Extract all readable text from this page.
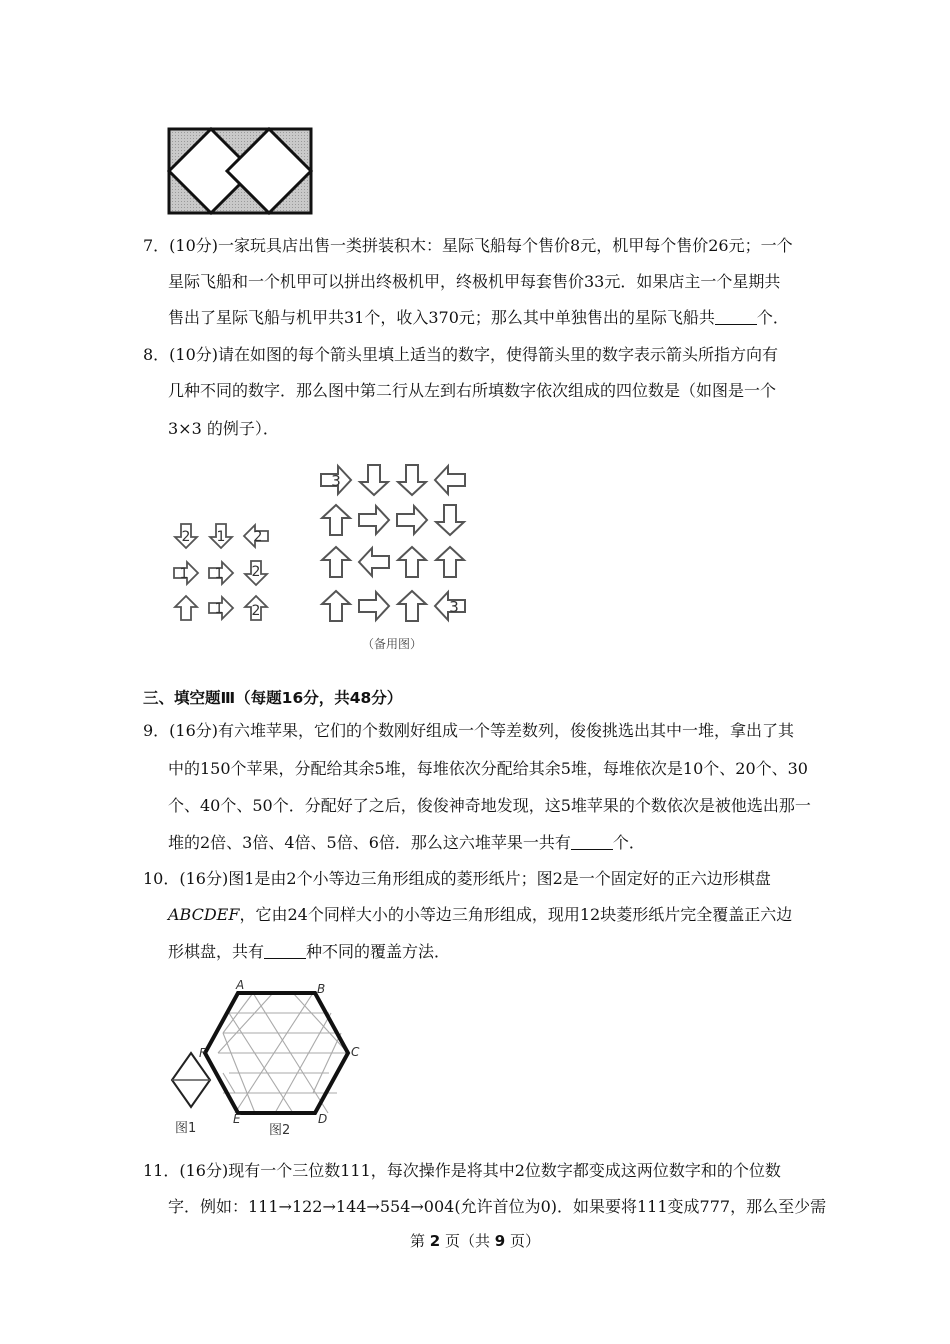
7．(10分)一家玩具店出售一类拼装积木：星际飞船每个售价8元，机甲每个售价26元；一个
星际飞船和一个机甲可以拼出终极机甲，终极机甲每套售价33元．如果店主一个星期共
售出了星际飞船与机甲共31个，收入370元；那么其中单独售出的星际飞船共	个．
8．(10分)请在如图的每个箭头里填上适当的数字，使得箭头里的数字表示箭头所指方向有
几种不同的数字．那么图中第二行从左到右所填数字依次组成的四位数是（如图是一个
3×3 的例子）．
2 1 2
1 1 2
1 2
3
3
（备用图）
三、填空题Ⅲ（每题16分，共48分）
9．(16分)有六堆苹果，它们的个数刚好组成一个等差数列，俊俊挑选出其中一堆，拿出了其
中的150个苹果，分配给其余5堆，每堆依次分配给其余5堆，每堆依次是10个、20个、30
个、40个、50个．分配好了之后，俊俊神奇地发现，这5堆苹果的个数依次是被他选出那一
堆的2倍、3倍、4倍、5倍、6倍．那么这六堆苹果一共有	个．
10．(16分)图1是由2个小等边三角形组成的菱形纸片；图2是一个固定好的正六边形棋盘
ABCDEF，它由24个同样大小的小等边三角形组成，现用12块菱形纸片完全覆盖正六边
形棋盘，共有	种不同的覆盖方法．
A	B
C
D
E
F
图1	图2
11．(16分)现有一个三位数111，每次操作是将其中2位数字都变成这两位数字和的个位数
字．例如：111→122→144→554→004(允许首位为0)．如果要将111变成777，那么至少需
第 2 页（共 9 页）
